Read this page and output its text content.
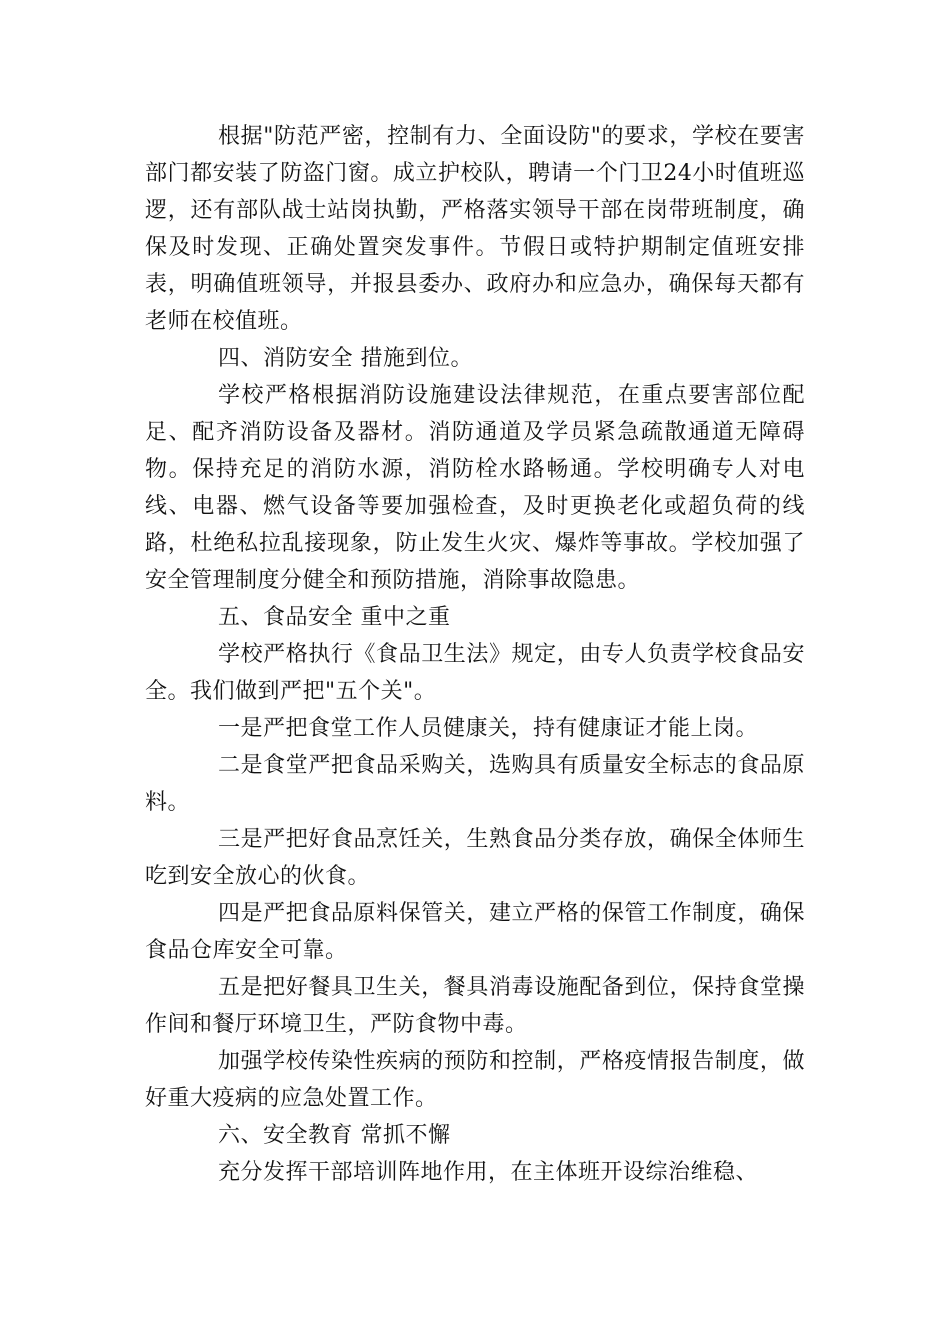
根据"防范严密，控制有力、全面设防"的要求，学校在要害部门都安装了防盗门窗。成立护校队，聘请一个门卫24小时值班巡逻，还有部队战士站岗执勤，严格落实领导干部在岗带班制度，确保及时发现、正确处置突发事件。节假日或特护期制定值班安排表，明确值班领导，并报县委办、政府办和应急办，确保每天都有老师在校值班。

四、消防安全 措施到位。

学校严格根据消防设施建设法律规范，在重点要害部位配足、配齐消防设备及器材。消防通道及学员紧急疏散通道无障碍物。保持充足的消防水源，消防栓水路畅通。学校明确专人对电线、电器、燃气设备等要加强检查，及时更换老化或超负荷的线路，杜绝私拉乱接现象，防止发生火灾、爆炸等事故。学校加强了安全管理制度分健全和预防措施，消除事故隐患。

五、食品安全 重中之重

学校严格执行《食品卫生法》规定，由专人负责学校食品安全。我们做到严把"五个关"。

一是严把食堂工作人员健康关，持有健康证才能上岗。

二是食堂严把食品采购关，选购具有质量安全标志的食品原料。

三是严把好食品烹饪关，生熟食品分类存放，确保全体师生吃到安全放心的伙食。

四是严把食品原料保管关，建立严格的保管工作制度，确保食品仓库安全可靠。

五是把好餐具卫生关，餐具消毒设施配备到位，保持食堂操作间和餐厅环境卫生，严防食物中毒。

加强学校传染性疾病的预防和控制，严格疫情报告制度，做好重大疫病的应急处置工作。

六、安全教育 常抓不懈

充分发挥干部培训阵地作用，在主体班开设综治维稳、
